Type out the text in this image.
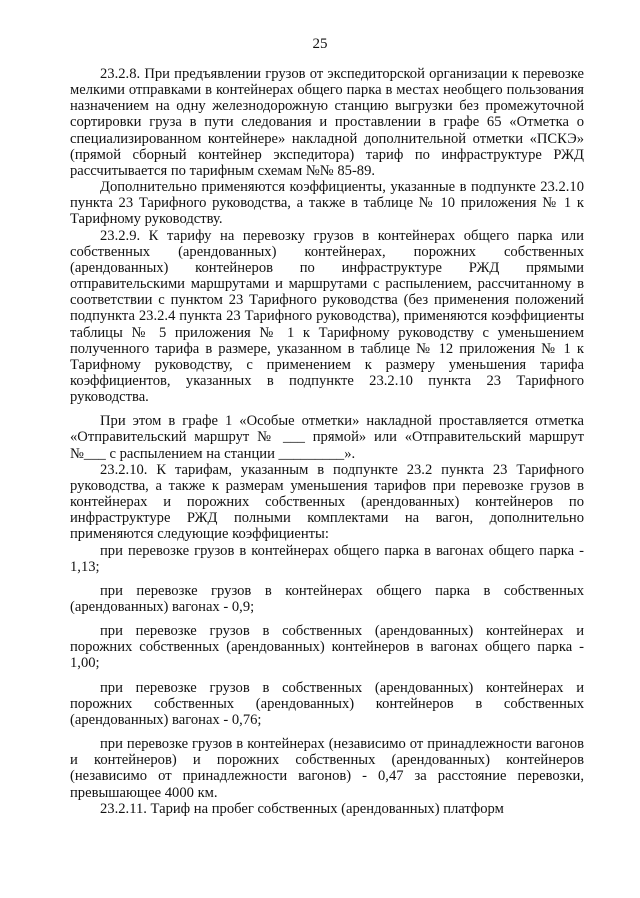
25

23.2.8. При предъявлении грузов от экспедиторской организации к перевозке мелкими отправками в контейнерах общего парка в местах необщего пользования назначением на одну железнодорожную станцию выгрузки без промежуточной сортировки груза в пути следования и проставлении в графе 65 «Отметка о специализированном контейнере» накладной дополнительной отметки «ПСКЭ» (прямой сборный контейнер экспедитора) тариф по инфраструктуре РЖД рассчитывается по тарифным схемам №№ 85-89.

Дополнительно применяются коэффициенты, указанные в подпункте 23.2.10 пункта 23 Тарифного руководства, а также в таблице № 10 приложения № 1 к Тарифному руководству.

23.2.9. К тарифу на перевозку грузов в контейнерах общего парка или собственных (арендованных) контейнерах, порожних собственных (арендованных) контейнеров по инфраструктуре РЖД прямыми отправительскими маршрутами и маршрутами с распылением, рассчитанному в соответствии с пунктом 23 Тарифного руководства (без применения положений подпункта 23.2.4 пункта 23 Тарифного руководства), применяются коэффициенты таблицы № 5 приложения № 1 к Тарифному руководству с уменьшением полученного тарифа в размере, указанном в таблице № 12 приложения № 1 к Тарифному руководству, с применением к размеру уменьшения тарифа коэффициентов, указанных в подпункте 23.2.10 пункта 23 Тарифного руководства.

При этом в графе 1 «Особые отметки» накладной проставляется отметка «Отправительский маршрут № ___ прямой» или «Отправительский маршрут №___ с распылением на станции _________».

23.2.10. К тарифам, указанным в подпункте 23.2 пункта 23 Тарифного руководства, а также к размерам уменьшения тарифов при перевозке грузов в контейнерах и порожних собственных (арендованных) контейнеров по инфраструктуре РЖД полными комплектами на вагон, дополнительно применяются следующие коэффициенты:

при перевозке грузов в контейнерах общего парка в вагонах общего парка - 1,13;

при перевозке грузов в контейнерах общего парка в собственных (арендованных) вагонах - 0,9;

при перевозке грузов в собственных (арендованных) контейнерах и порожних собственных (арендованных) контейнеров в вагонах общего парка - 1,00;

при перевозке грузов в собственных (арендованных) контейнерах и порожних собственных (арендованных) контейнеров в собственных (арендованных) вагонах - 0,76;

при перевозке грузов в контейнерах (независимо от принадлежности вагонов и контейнеров) и порожних собственных (арендованных) контейнеров (независимо от принадлежности вагонов) - 0,47 за расстояние перевозки, превышающее 4000 км.

23.2.11. Тариф на пробег собственных (арендованных) платформ
